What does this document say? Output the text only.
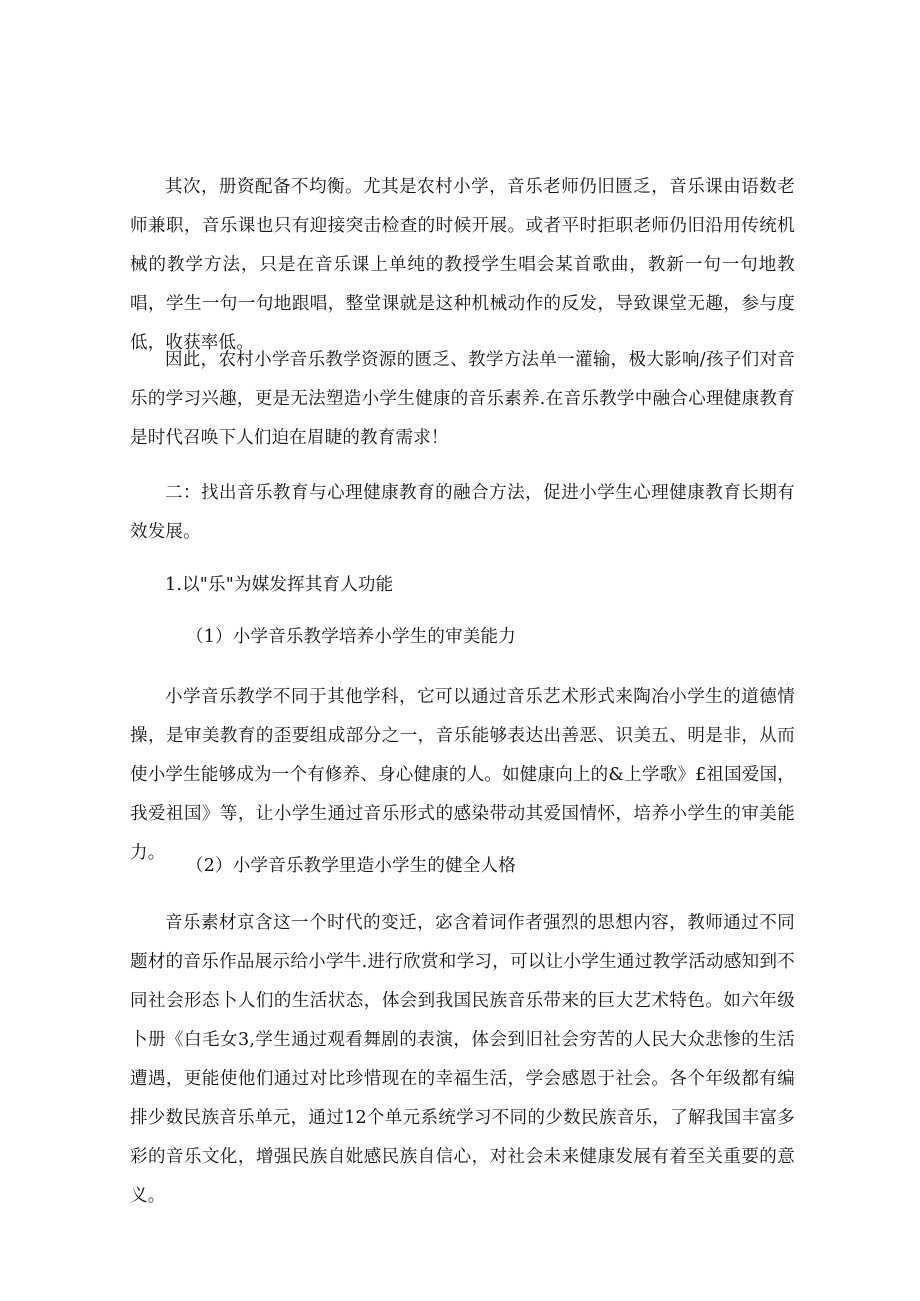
其次，册资配备不均衡。尤其是农村小学，音乐老师仍旧匮乏，音乐课由语数老师兼职，音乐课也只有迎接突击检查的时候开展。或者平时拒职老师仍旧沿用传统机械的教学方法，只是在音乐课上单纯的教授学生唱会某首歌曲，教新一句一句地教唱，学生一句一句地跟唱，整堂课就是这种机械动作的反发，导致课堂无趣，参与度低，收获率低。

因此，农村小学音乐教学资源的匮乏、教学方法单一灌输，极大影响/孩子们对音乐的学习兴趣，更是无法塑造小学生健康的音乐素养.在音乐教学中融合心理健康教育是时代召唤下人们迫在眉睫的教育需求！

二：找出音乐教育与心理健康教育的融合方法，促进小学生心理健康教育长期有效发展。

1.以"乐"为媒发挥其育人功能

（1）小学音乐教学培养小学生的审美能力

小学音乐教学不同于其他学科，它可以通过音乐艺术形式来陶冶小学生的道德情操，是审美教育的歪要组成部分之一，音乐能够表达出善恶、识美五、明是非，从而使小学生能够成为一个有修养、身心健康的人。如健康向上的&上学歌》£祖国爱国，我爱祖国》等，让小学生通过音乐形式的感染带动其爱国情怀，培养小学生的审美能力。

（2）小学音乐教学里造小学生的健全人格

音乐素材京含这一个时代的变迁，宓含着词作者强烈的思想内容，教师通过不同题材的音乐作品展示给小学牛.进行欣赏和学习，可以让小学生通过教学活动感知到不同社会形态卜人们的生活状态，体会到我国民族音乐带来的巨大艺术特色。如六年级卜册《白毛女3,学生通过观看舞剧的表演，体会到旧社会穷苦的人民大众悲惨的生活遭遇，更能使他们通过对比珍惜现在的幸福生活，学会感恩于社会。各个年级都有编排少数民族音乐单元，通过12个单元系统学习不同的少数民族音乐，了解我国丰富多彩的音乐文化，增强民族自妣感民族自信心，对社会未来健康发展有着至关重要的意义。
